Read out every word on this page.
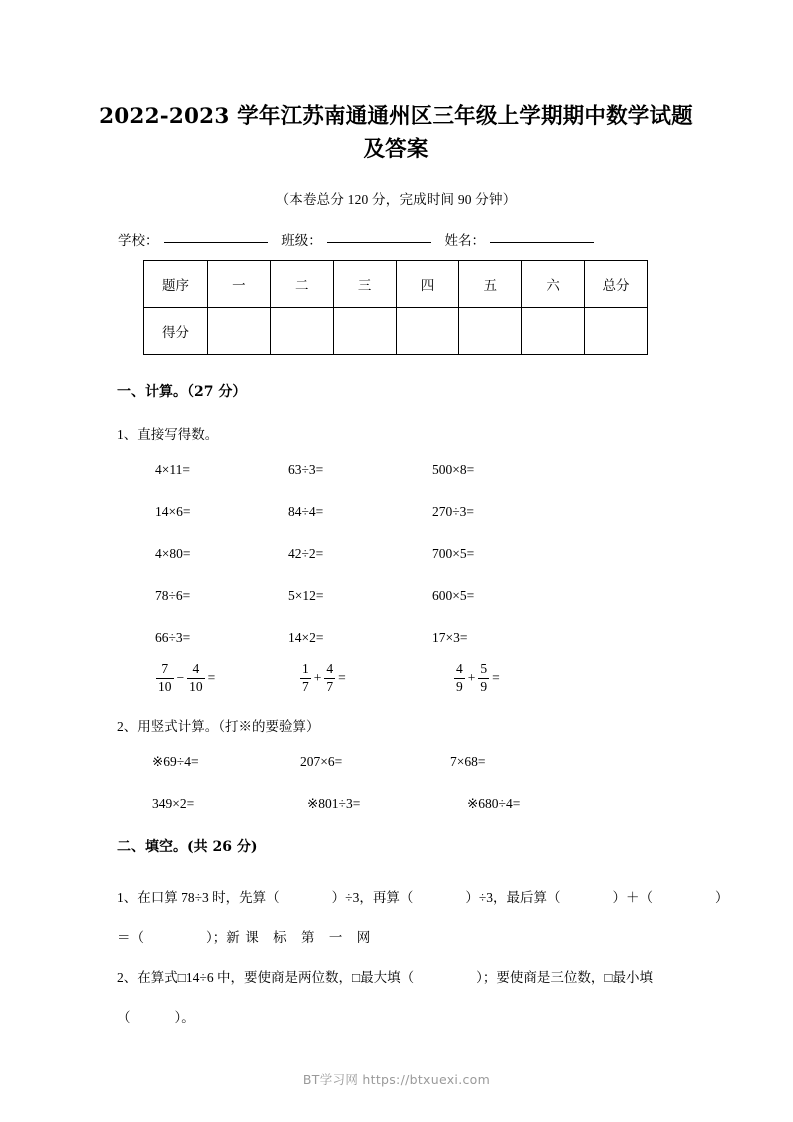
2022-2023 学年江苏南通通州区三年级上学期期中数学试题
及答案
（本卷总分 120 分，完成时间 90 分钟）
学校：	班级：	姓名：
题序	一	二	三	四	五	六	总分
得分							
一、计算。（27 分）
1、直接写得数。
4×11=	63÷3=	500×8=
14×6=	84÷4=	270÷3=
4×80=	42÷2=	700×5=
78÷6=	5×12=	600×5=
66÷3=	14×2=	17×3=
$\frac{7}{10} - \frac{4}{10}$ =	$\frac{1}{7} + \frac{4}{7}$ =	$\frac{4}{9} + \frac{5}{9}$ =
2、用竖式计算。（打※的要验算）
※69÷4=	207×6=	7×68=
349×2=	※801÷3=	※680÷4=
二、填空。(共 26 分)
1、在口算 78÷3 时，先算（	）÷3，再算（	）÷3，最后算（	）＋（	）
＝（	）；新课 标 第 一 网
2、在算式□14÷6 中，要使商是两位数，□最大填（	）；要使商是三位数，□最小填
（	）。
BT学习网 https://btxuexi.com
